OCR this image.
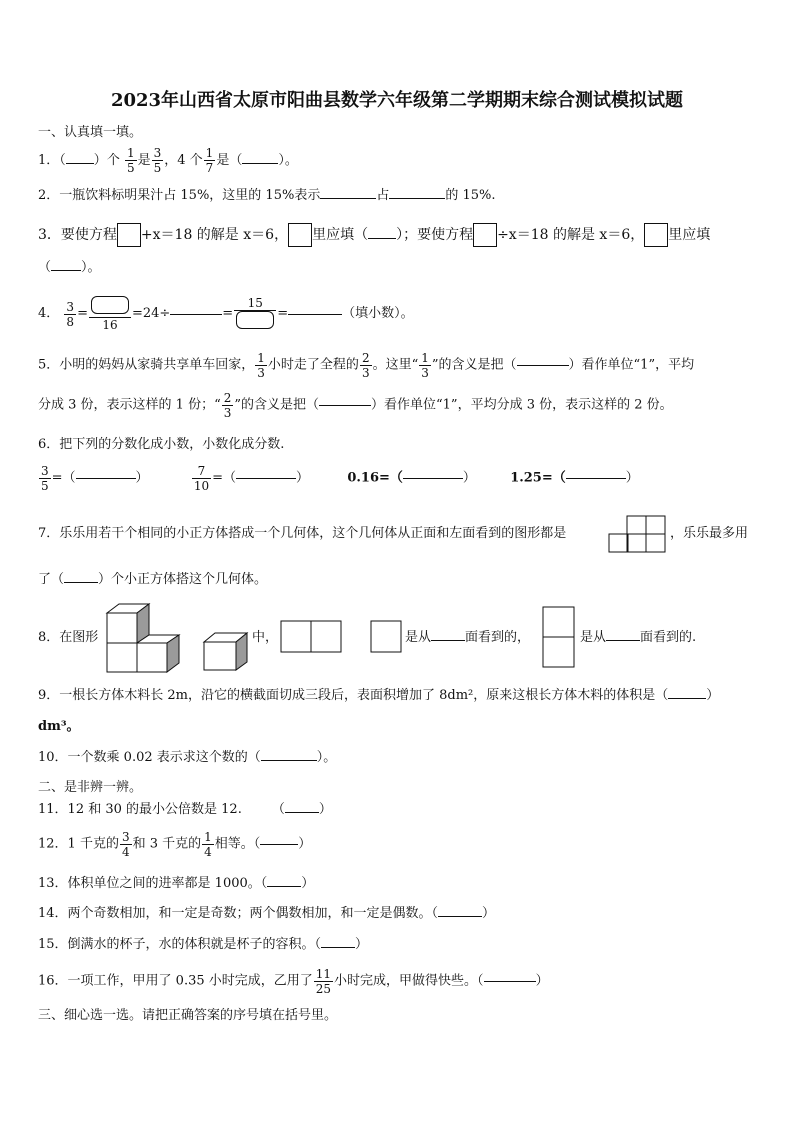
2023年山西省太原市阳曲县数学六年级第二学期期末综合测试模拟试题
一、认真填一填。
1．（ ）个 $\frac{1}{5}$ 是 $\frac{3}{5}$ ，4 个 $\frac{1}{7}$ 是（	）。
2．一瓶饮料标明果汁占 15%，这里的 15%表示	占	的 15%.
3．要使方程 +x＝18 的解是 x＝6， 里应填（ ）；要使方程 ÷x＝18 的解是 x＝6， 里应填
（ ）。
4． $\frac{3}{8}$ =
16
=24÷	=
15
=	（填小数）。
5．小明的妈妈从家骑共享单车回家， $\frac{1}{3}$ 小时走了全程的 $\frac{2}{3}$ 。这里“ $\frac{1}{3}$ ”的含义是把（	）看作单位“1”，平均
分成 3 份，表示这样的 1 份；“ $\frac{2}{3}$ ”的含义是把（	）看作单位“1”，平均分成 3 份，表示这样的 2 份。
6．把下列的分数化成小数，小数化成分数.
$\frac{3}{5}$ =（	）	$\frac{7}{10}$ =（	）	0.16=（	）	1.25=（	）
7．乐乐用若干个相同的小正方体搭成一个几何体，这个几何体从正面和左面看到的图形都是	，乐乐最多用
了（	）个小正方体搭这个几何体。
8．在图形	中，	是从	面看到的，	是从	面看到的.
9．一根长方体木料长 2m，沿它的横截面切成三段后，表面积增加了 8dm²，原来这根长方体木料的体积是（	）
dm³。
10．一个数乘 0.02 表示求这个数的（	）。
二、是非辨一辨。
11．12 和 30 的最小公倍数是 12. （	）
12．1 千克的 $\frac{3}{4}$ 和 3 千克的 $\frac{1}{4}$ 相等。（	）
13．体积单位之间的进率都是 1000。（	）
14．两个奇数相加，和一定是奇数；两个偶数相加，和一定是偶数。（	）
15．倒满水的杯子，水的体积就是杯子的容积。（	）
16．一项工作，甲用了 0.35 小时完成，乙用了 $\frac{11}{25}$ 小时完成，甲做得快些。（	）
三、细心选一选。请把正确答案的序号填在括号里。
